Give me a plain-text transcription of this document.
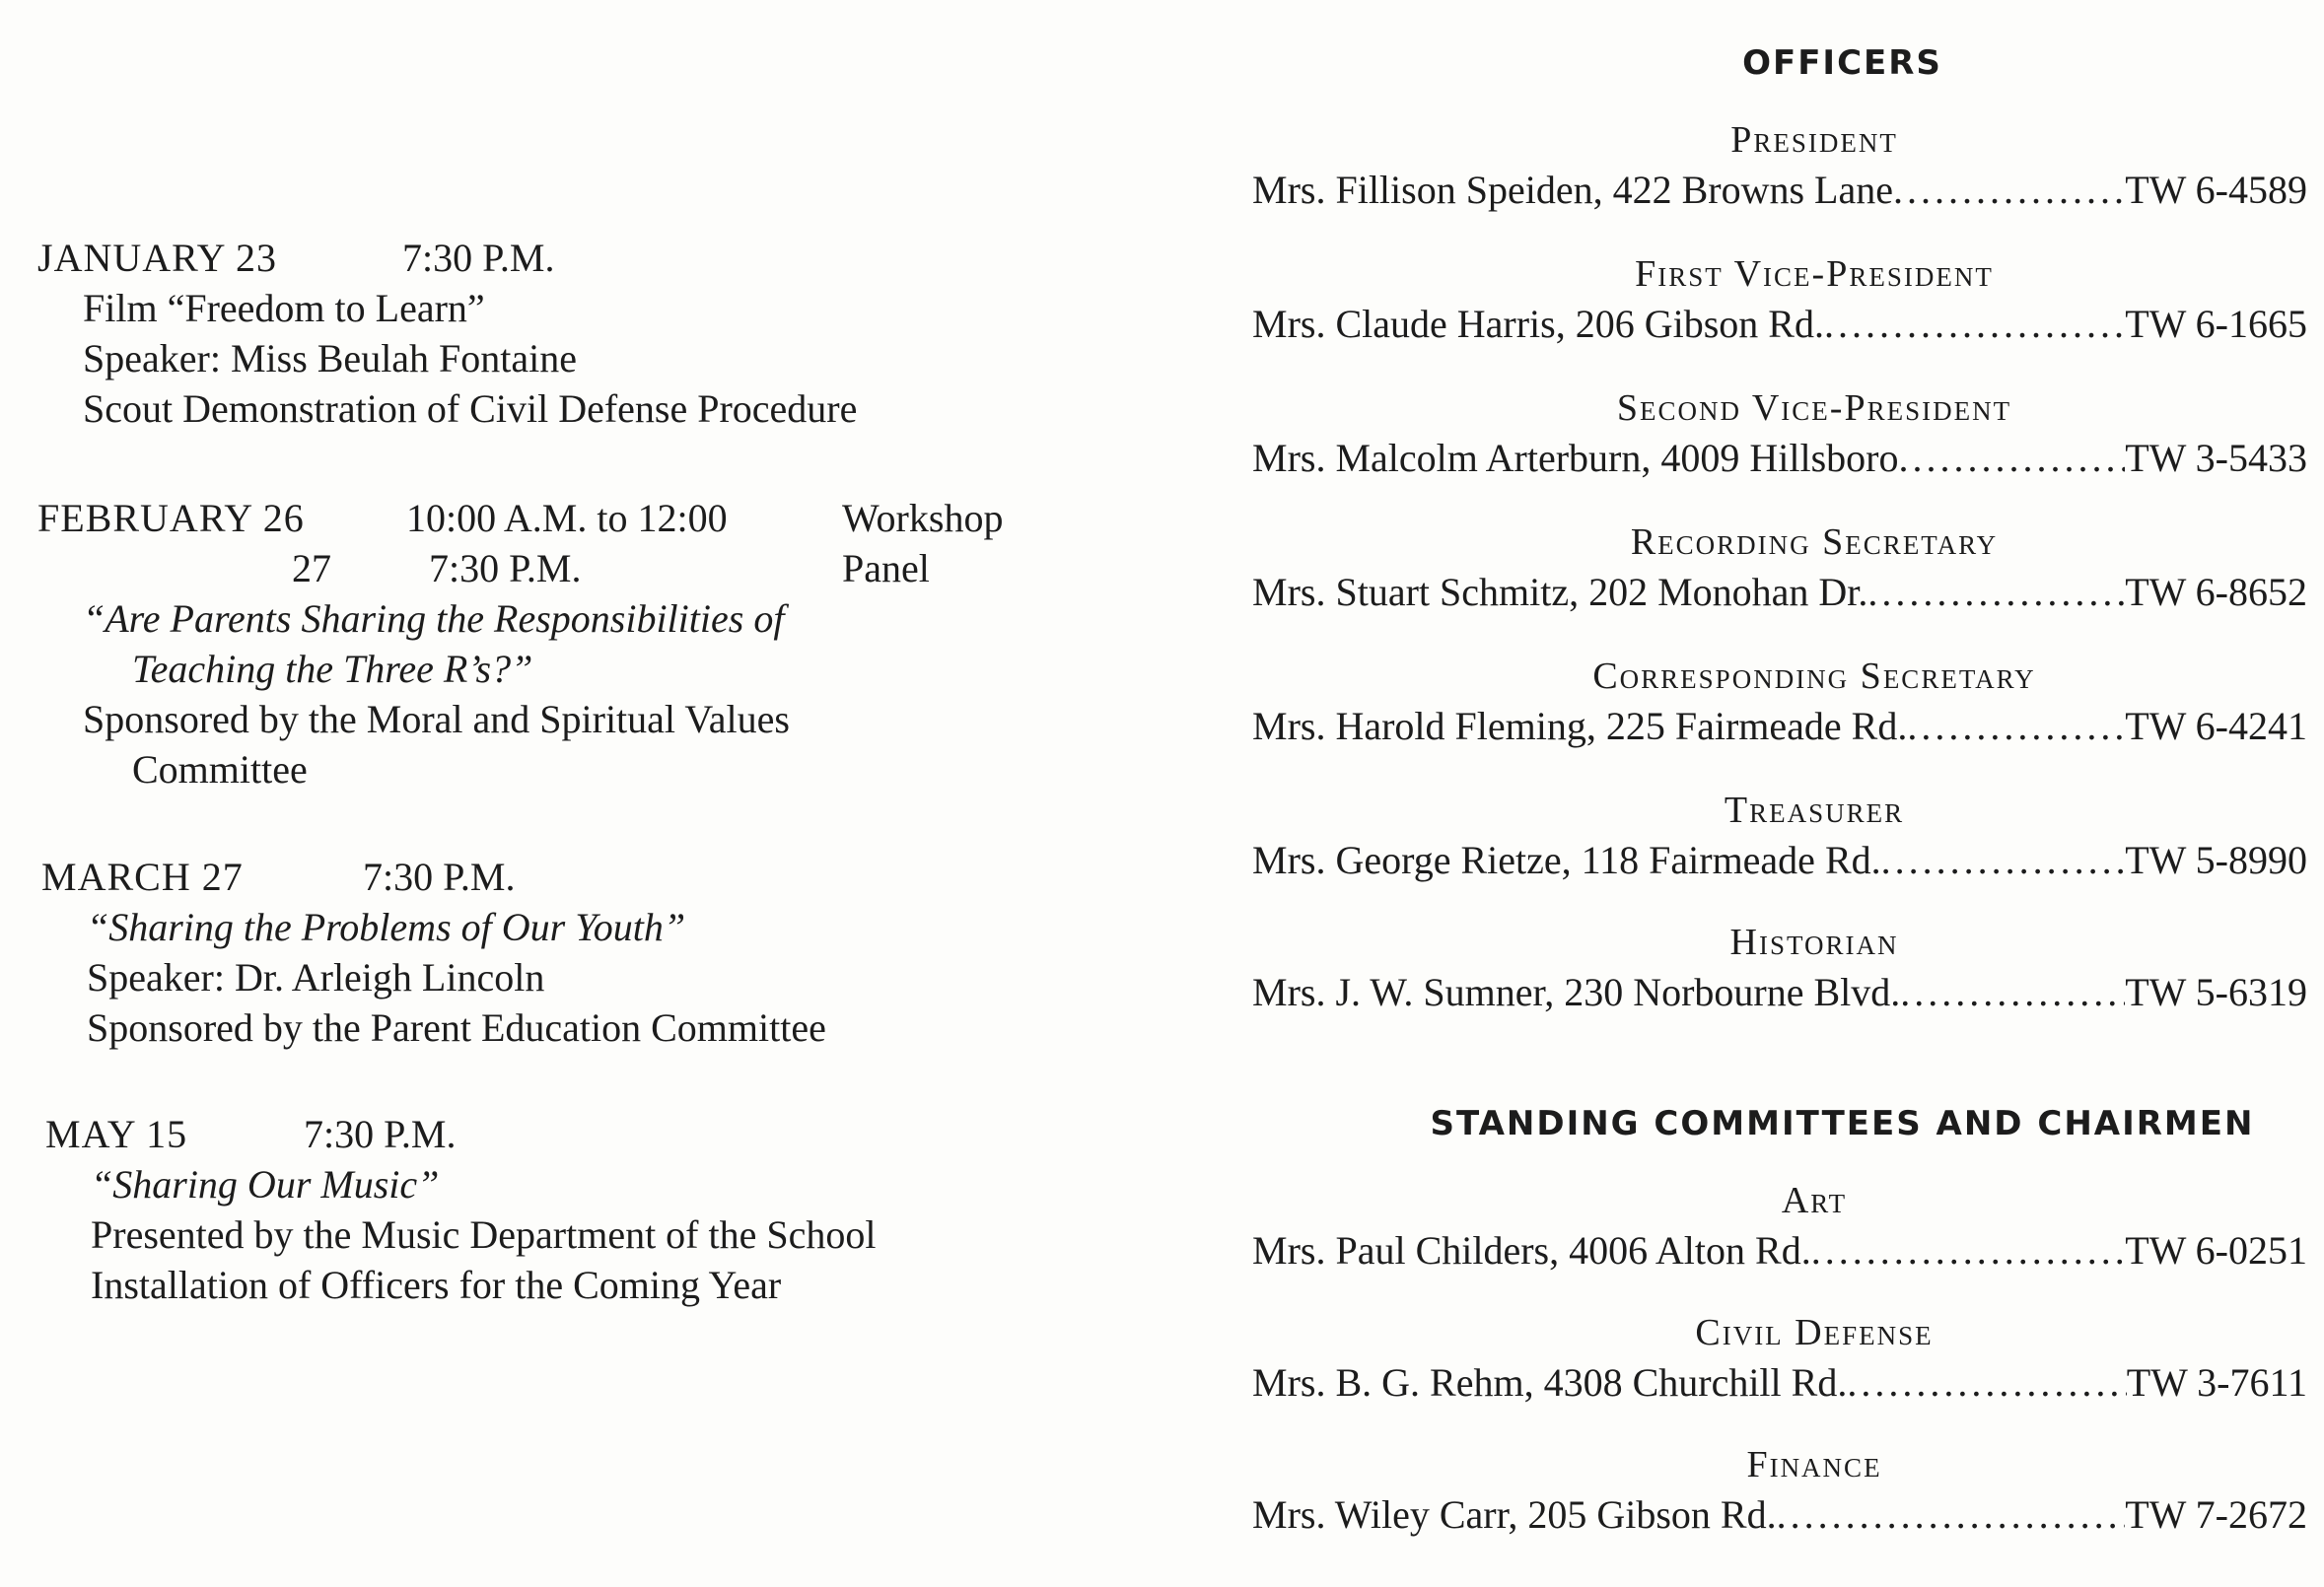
JANUARY 23	7:30 P.M.
Film “Freedom to Learn”
Speaker: Miss Beulah Fontaine
Scout Demonstration of Civil Defense Procedure
FEBRUARY 26	10:00 A.M. to 12:00	Workshop
27 7:30 P.M.	Panel
“Are Parents Sharing the Responsibilities of
Teaching the Three R’s?”
Sponsored by the Moral and Spiritual Values
Committee
MARCH 27	7:30 P.M.
“Sharing the Problems of Our Youth”
Speaker: Dr. Arleigh Lincoln
Sponsored by the Parent Education Committee
MAY 15	7:30 P.M.
“Sharing Our Music”
Presented by the Music Department of the School
Installation of Officers for the Coming Year
OFFICERS
President
Mrs. Fillison Speiden, 422 Browns Lane .....	TW 6-4589
First Vice-President
Mrs. Claude Harris, 206 Gibson Rd. .....	TW 6-1665
Second Vice-President
Mrs. Malcolm Arterburn, 4009 Hillsboro .....	TW 3-5433
Recording Secretary
Mrs. Stuart Schmitz, 202 Monohan Dr. .....	TW 6-8652
Corresponding Secretary
Mrs. Harold Fleming, 225 Fairmeade Rd. .....	TW 6-4241
Treasurer
Mrs. George Rietze, 118 Fairmeade Rd. .....	TW 5-8990
Historian
Mrs. J. W. Sumner, 230 Norbourne Blvd. .....	TW 5-6319
STANDING COMMITTEES AND CHAIRMEN
Art
Mrs. Paul Childers, 4006 Alton Rd. .....	TW 6-0251
Civil Defense
Mrs. B. G. Rehm, 4308 Churchill Rd. .....	TW 3-7611
Finance
Mrs. Wiley Carr, 205 Gibson Rd. .....	TW 7-2672
